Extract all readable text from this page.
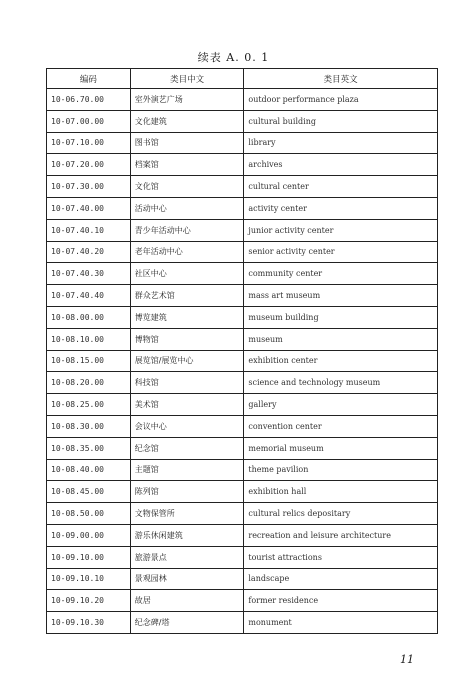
续表 A. 0. 1
编码	类目中文	类目英文
10-06.70.00	室外演艺广场	outdoor performance plaza
10-07.00.00	文化建筑	cultural building
10-07.10.00	图书馆	library
10-07.20.00	档案馆	archives
10-07.30.00	文化馆	cultural center
10-07.40.00	活动中心	activity center
10-07.40.10	青少年活动中心	junior activity center
10-07.40.20	老年活动中心	senior activity center
10-07.40.30	社区中心	community center
10-07.40.40	群众艺术馆	mass art museum
10-08.00.00	博览建筑	museum building
10-08.10.00	博物馆	museum
10-08.15.00	展览馆/展览中心	exhibition center
10-08.20.00	科技馆	science and technology museum
10-08.25.00	美术馆	gallery
10-08.30.00	会议中心	convention center
10-08.35.00	纪念馆	memorial museum
10-08.40.00	主题馆	theme pavilion
10-08.45.00	陈列馆	exhibition hall
10-08.50.00	文物保管所	cultural relics depositary
10-09.00.00	游乐休闲建筑	recreation and leisure architecture
10-09.10.00	旅游景点	tourist attractions
10-09.10.10	景观园林	landscape
10-09.10.20	故居	former residence
10-09.10.30	纪念碑/塔	monument
11
